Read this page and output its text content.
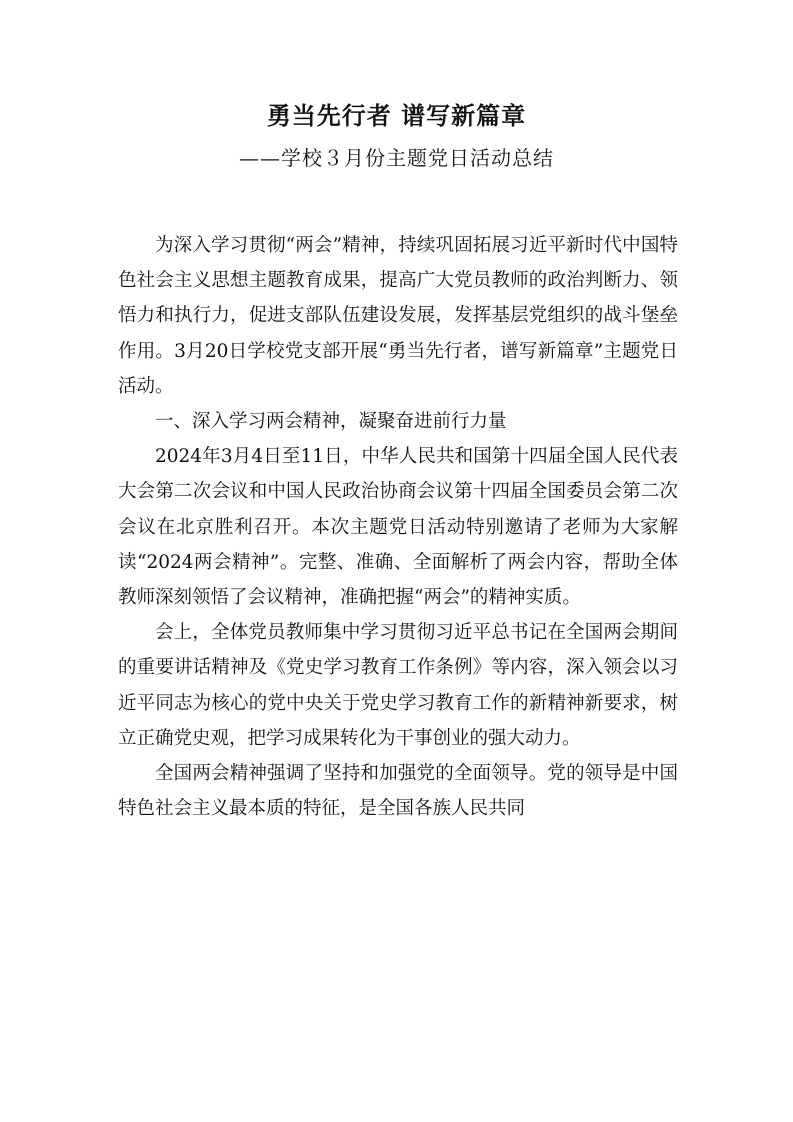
勇当先行者 谱写新篇章
——学校３月份主题党日活动总结

为深入学习贯彻“两会”精神，持续巩固拓展习近平新时代中国特色社会主义思想主题教育成果，提高广大党员教师的政治判断力、领悟力和执行力，促进支部队伍建设发展，发挥基层党组织的战斗堡垒作用。3月20日学校党支部开展“勇当先行者，谱写新篇章”主题党日活动。

一、深入学习两会精神，凝聚奋进前行力量

2024年3月4日至11日，中华人民共和国第十四届全国人民代表大会第二次会议和中国人民政治协商会议第十四届全国委员会第二次会议在北京胜利召开。本次主题党日活动特别邀请了老师为大家解读“2024两会精神”。完整、准确、全面解析了两会内容，帮助全体教师深刻领悟了会议精神，准确把握“两会”的精神实质。

会上，全体党员教师集中学习贯彻习近平总书记在全国两会期间的重要讲话精神及《党史学习教育工作条例》等内容，深入领会以习近平同志为核心的党中央关于党史学习教育工作的新精神新要求，树立正确党史观，把学习成果转化为干事创业的强大动力。

全国两会精神强调了坚持和加强党的全面领导。党的领导是中国特色社会主义最本质的特征，是全国各族人民共同
